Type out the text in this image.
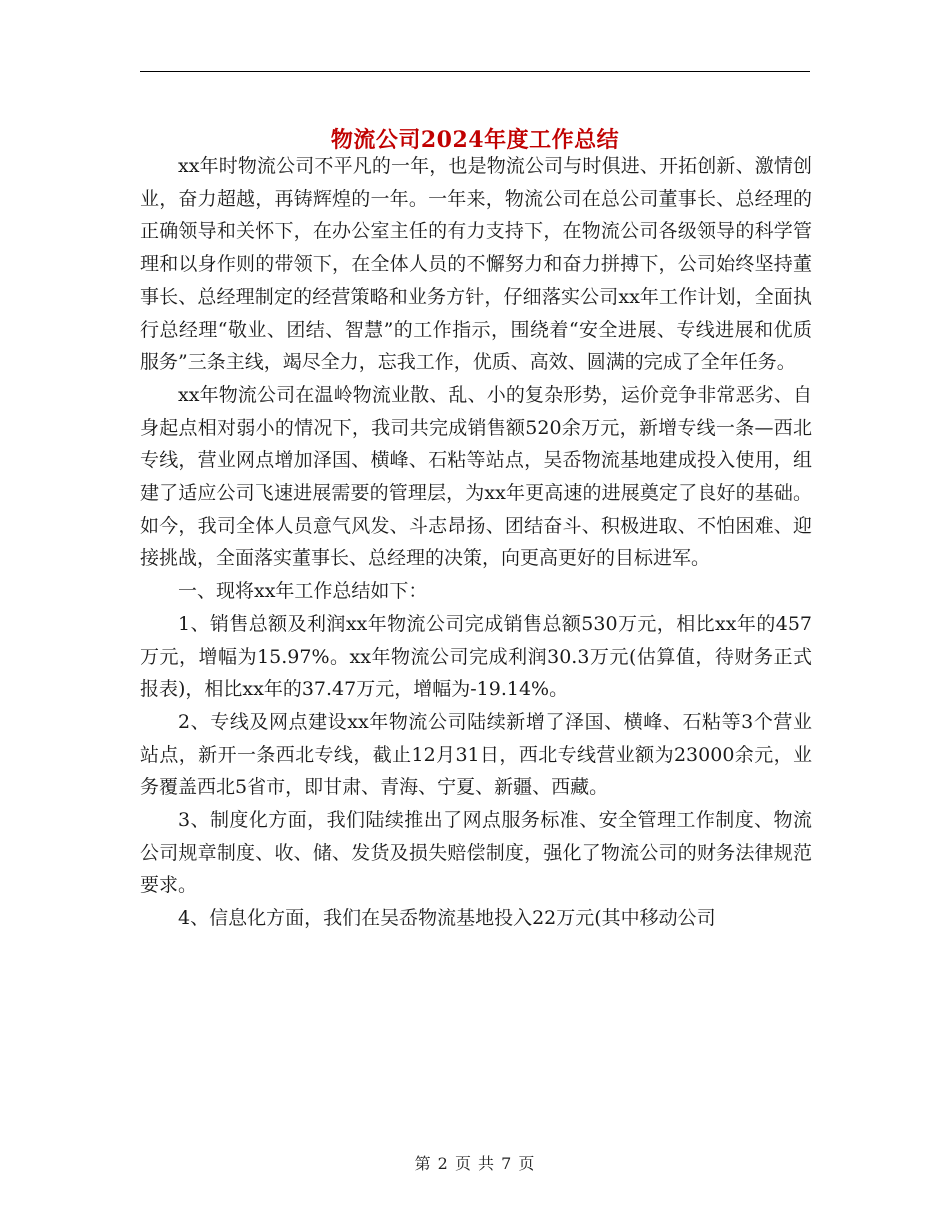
物流公司2024年度工作总结

xx年时物流公司不平凡的一年，也是物流公司与时俱进、开拓创新、激情创业，奋力超越，再铸辉煌的一年。一年来，物流公司在总公司董事长、总经理的正确领导和关怀下，在办公室主任的有力支持下，在物流公司各级领导的科学管理和以身作则的带领下，在全体人员的不懈努力和奋力拼搏下，公司始终坚持董事长、总经理制定的经营策略和业务方针，仔细落实公司xx年工作计划，全面执行总经理“敬业、团结、智慧”的工作指示，围绕着“安全进展、专线进展和优质服务”三条主线，竭尽全力，忘我工作，优质、高效、圆满的完成了全年任务。

xx年物流公司在温岭物流业散、乱、小的复杂形势，运价竞争非常恶劣、自身起点相对弱小的情况下，我司共完成销售额520余万元，新增专线一条—西北专线，营业网点增加泽国、横峰、石粘等站点，吴岙物流基地建成投入使用，组建了适应公司飞速进展需要的管理层，为xx年更高速的进展奠定了良好的基础。如今，我司全体人员意气风发、斗志昂扬、团结奋斗、积极进取、不怕困难、迎接挑战，全面落实董事长、总经理的决策，向更高更好的目标进军。

一、现将xx年工作总结如下：

1、销售总额及利润xx年物流公司完成销售总额530万元，相比xx年的457万元，增幅为15.97%。xx年物流公司完成利润30.3万元(估算值，待财务正式报表)，相比xx年的37.47万元，增幅为-19.14%。

2、专线及网点建设xx年物流公司陆续新增了泽国、横峰、石粘等3个营业站点，新开一条西北专线，截止12月31日，西北专线营业额为23000余元，业务覆盖西北5省市，即甘肃、青海、宁夏、新疆、西藏。

3、制度化方面，我们陆续推出了网点服务标准、安全管理工作制度、物流公司规章制度、收、储、发货及损失赔偿制度，强化了物流公司的财务法律规范要求。

4、信息化方面，我们在吴岙物流基地投入22万元(其中移动公司

第 2 页 共 7 页
